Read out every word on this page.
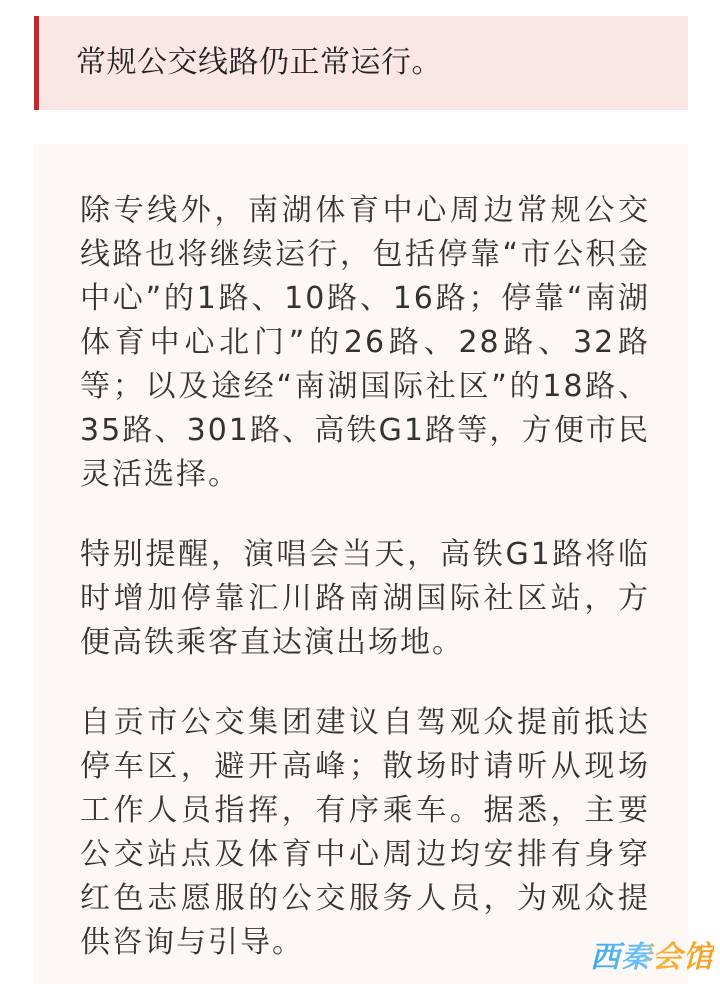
常规公交线路仍正常运行。

除专线外，南湖体育中心周边常规公交线路也将继续运行，包括停靠“市公积金中心”的1路、10路、16路；停靠“南湖体育中心北门”的26路、28路、32路等；以及途经“南湖国际社区”的18路、35路、301路、高铁G1路等，方便市民灵活选择。

特别提醒，演唱会当天，高铁G1路将临时增加停靠汇川路南湖国际社区站，方便高铁乘客直达演出场地。

自贡市公交集团建议自驾观众提前抵达停车区，避开高峰；散场时请听从现场工作人员指挥，有序乘车。据悉，主要公交站点及体育中心周边均安排有身穿红色志愿服的公交服务人员，为观众提供咨询与引导。	西秦会馆
